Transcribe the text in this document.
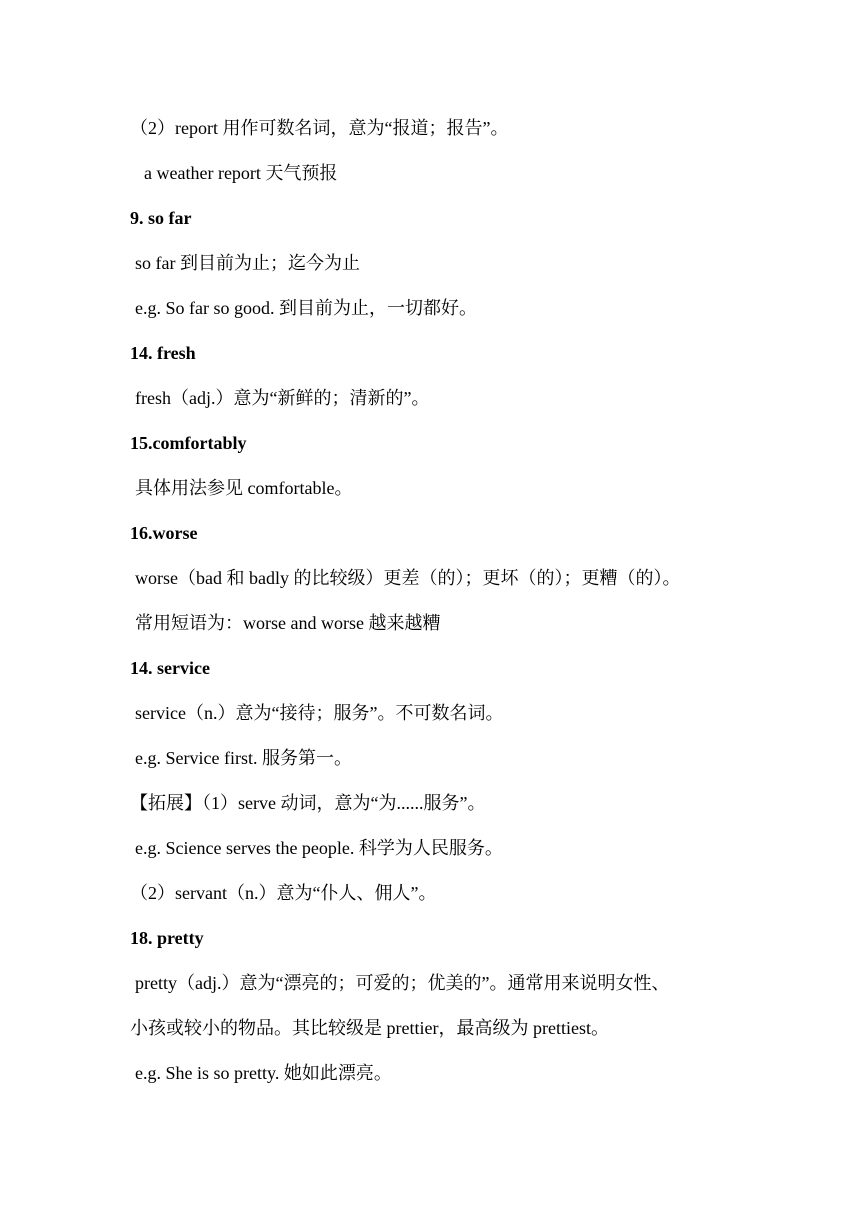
（2）report 用作可数名词，意为“报道；报告”。
a weather report 天气预报
9. so far
so far 到目前为止；迄今为止
e.g. So far so good. 到目前为止，一切都好。
14. fresh
fresh（adj.）意为“新鲜的；清新的”。
15.comfortably
具体用法参见 comfortable。
16.worse
worse（bad 和 badly 的比较级）更差（的）；更坏（的）；更糟（的）。
常用短语为：worse and worse 越来越糟
14. service
service（n.）意为“接待；服务”。不可数名词。
e.g. Service first. 服务第一。
【拓展】（1）serve 动词，意为“为......服务”。
e.g. Science serves the people. 科学为人民服务。
（2）servant（n.）意为“仆人、佣人”。
18. pretty
pretty（adj.）意为“漂亮的；可爱的；优美的”。通常用来说明女性、
小孩或较小的物品。其比较级是 prettier，最高级为 prettiest。
e.g. She is so pretty. 她如此漂亮。
